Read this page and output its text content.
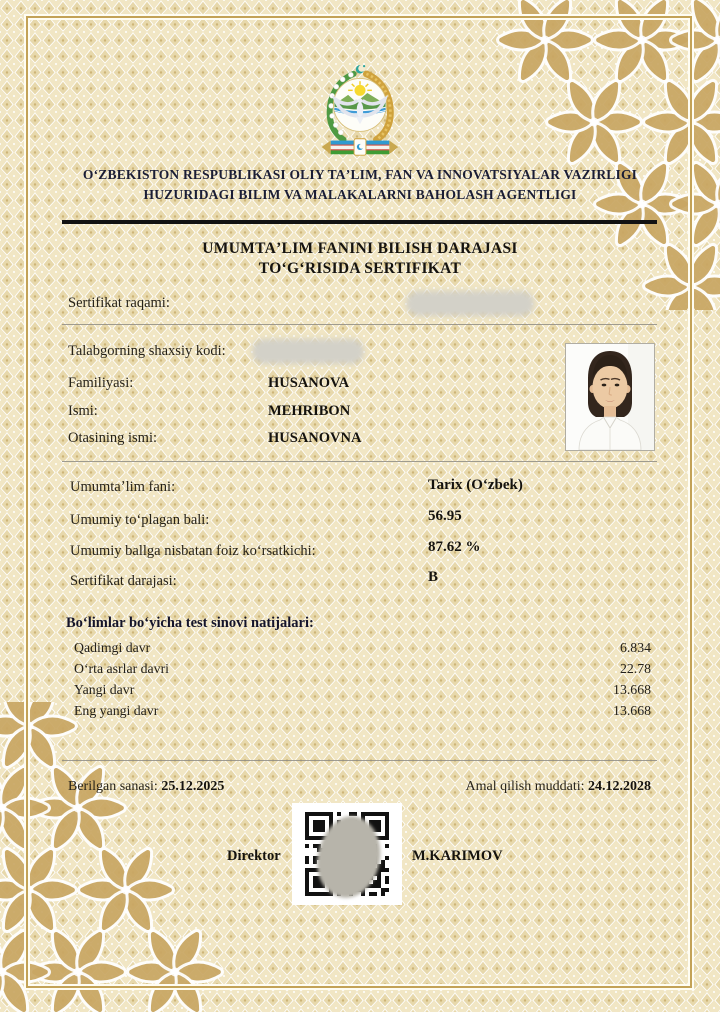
OʻZBEKISTON RESPUBLIKASI OLIY TAʼLIM, FAN VA INNOVATSIYALAR VAZIRLIGI
HUZURIDAGI BILIM VA MALAKALARNI BAHOLASH AGENTLIGI
UMUMTAʼLIM FANINI BILISH DARAJASI
TOʻGʻRISIDA SERTIFIKAT
Sertifikat raqami:
Talabgorning shaxsiy kodi:
Familiyasi:	HUSANOVA
Ismi:	MEHRIBON
Otasining ismi:	HUSANOVNA
Umumtaʼlim fani:	Tarix (Oʻzbek)
Umumiy toʻplagan bali:	56.95
Umumiy ballga nisbatan foiz koʻrsatkichi:	87.62 %
Sertifikat darajasi:	B
Boʻlimlar boʻyicha test sinovi natijalari:
Qadimgi davr	6.834
Oʻrta asrlar davri	22.78
Yangi davr	13.668
Eng yangi davr	13.668
Berilgan sanasi: 25.12.2025	Amal qilish muddati: 24.12.2028
Direktor	M.KARIMOV
